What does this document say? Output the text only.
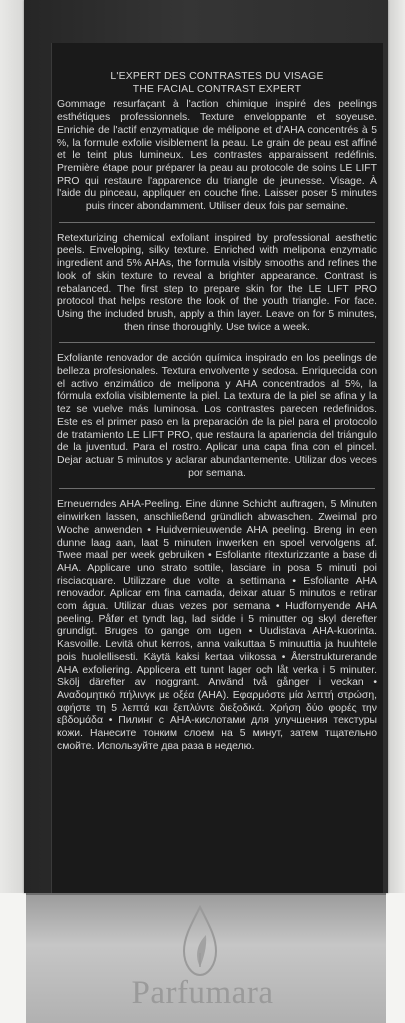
L'EXPERT DES CONTRASTES DU VISAGE
THE FACIAL CONTRAST EXPERT
Gommage resurfaçant à l'action chimique inspiré des peelings esthétiques professionnels. Texture enveloppante et soyeuse. Enrichie de l'actif enzymatique de mélipone et d'AHA concentrés à 5 %, la formule exfolie visiblement la peau. Le grain de peau est affiné et le teint plus lumineux. Les contrastes apparaissent redéfinis. Première étape pour préparer la peau au protocole de soins LE LIFT PRO qui restaure l'apparence du triangle de jeunesse. Visage. À l'aide du pinceau, appliquer en couche fine. Laisser poser 5 minutes puis rincer abondamment. Utiliser deux fois par semaine.
Retexturizing chemical exfoliant inspired by professional aesthetic peels. Enveloping, silky texture. Enriched with melipona enzymatic ingredient and 5% AHAs, the formula visibly smooths and refines the look of skin texture to reveal a brighter appearance. Contrast is rebalanced. The first step to prepare skin for the LE LIFT PRO protocol that helps restore the look of the youth triangle. For face. Using the included brush, apply a thin layer. Leave on for 5 minutes, then rinse thoroughly. Use twice a week.
Exfoliante renovador de acción química inspirado en los peelings de belleza profesionales. Textura envolvente y sedosa. Enriquecida con el activo enzimático de melipona y AHA concentrados al 5%, la fórmula exfolia visiblemente la piel. La textura de la piel se afina y la tez se vuelve más luminosa. Los contrastes parecen redefinidos. Este es el primer paso en la preparación de la piel para el protocolo de tratamiento LE LIFT PRO, que restaura la apariencia del triángulo de la juventud. Para el rostro. Aplicar una capa fina con el pincel. Dejar actuar 5 minutos y aclarar abundantemente. Utilizar dos veces por semana.
Erneuerndes AHA-Peeling. Eine dünne Schicht auftragen, 5 Minuten einwirken lassen, anschließend gründlich abwaschen. Zweimal pro Woche anwenden • Huidvernieuwende AHA peeling. Breng in een dunne laag aan, laat 5 minuten inwerken en spoel vervolgens af. Twee maal per week gebruiken • Esfoliante ritexturizzante a base di AHA. Applicare uno strato sottile, lasciare in posa 5 minuti poi risciacquare. Utilizzare due volte a settimana • Esfoliante AHA renovador. Aplicar em fina camada, deixar atuar 5 minutos e retirar com água. Utilizar duas vezes por semana • Hudfornyende AHA peeling. Påfør et tyndt lag, lad sidde i 5 minutter og skyl derefter grundigt. Bruges to gange om ugen • Uudistava AHA-kuorinta. Kasvoille. Levitä ohut kerros, anna vaikuttaa 5 minuuttia ja huuhtele pois huolellisesti. Käytä kaksi kertaa viikossa • Återstrukturerande AHA exfoliering. Applicera ett tunnt lager och låt verka i 5 minuter. Skölj därefter av noggrant. Använd två gånger i veckan • Αναδομητικό πήλινγκ με οξέα (AHA). Εφαρμόστε μία λεπτή στρώση, αφήστε τη 5 λεπτά και ξεπλύντε διεξοδικά. Χρήση δύο φορές την εβδομάδα • Пилинг с AHA-кислотами для улучшения текстуры кожи. Нанесите тонким слоем на 5 минут, затем тщательно смойте. Используйте два раза в неделю.
Parfumara
